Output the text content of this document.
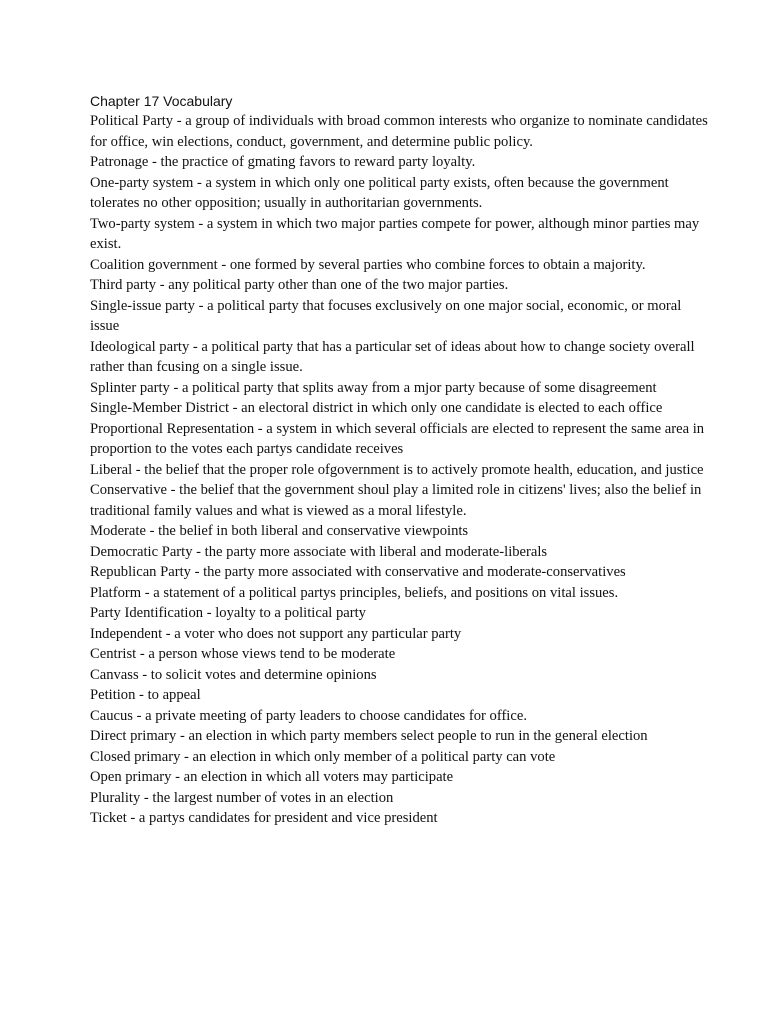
Chapter 17 Vocabulary

Political Party - a group of individuals with broad common interests who organize to nominate candidates for office, win elections, conduct, government, and determine public policy.

Patronage - the practice of gmating favors to reward party loyalty.

One-party system - a system in which only one political party exists, often because the government tolerates no other opposition; usually in authoritarian governments.

Two-party system - a system in which two major parties compete for power, although minor parties may exist.

Coalition government - one formed by several parties who combine forces to obtain a majority.

Third party - any political party other than one of the two major parties.

Single-issue party - a political party that focuses exclusively on one major social, economic, or moral issue

Ideological party - a political party that has a particular set of ideas about how to change society overall rather than fcusing on a single issue.

Splinter party - a political party that splits away from a mjor party because of some disagreement

Single-Member District - an electoral district in which only one candidate is elected to each office

Proportional Representation - a system in which several officials are elected to represent the same area in proportion to the votes each partys candidate receives

Liberal - the belief that the proper role ofgovernment is to actively promote health, education, and justice

Conservative - the belief that the government shoul play a limited role in citizens' lives; also the belief in traditional family values and what is viewed as a moral lifestyle.

Moderate - the belief in both liberal and conservative viewpoints

Democratic Party - the party more associate with liberal and moderate-liberals

Republican Party - the party more associated with conservative and moderate-conservatives

Platform - a statement of a political partys principles, beliefs, and positions on vital issues.

Party Identification - loyalty to a political party

Independent - a voter who does not support any particular party

Centrist - a person whose views tend to be moderate

Canvass - to solicit votes and determine opinions

Petition - to appeal

Caucus - a private meeting of party leaders to choose candidates for office.

Direct primary - an election in which party members select people to run in the general election

Closed primary - an election in which only member of a political party can vote

Open primary - an election in which all voters may participate

Plurality - the largest number of votes in an election

Ticket - a partys candidates for president and vice president
